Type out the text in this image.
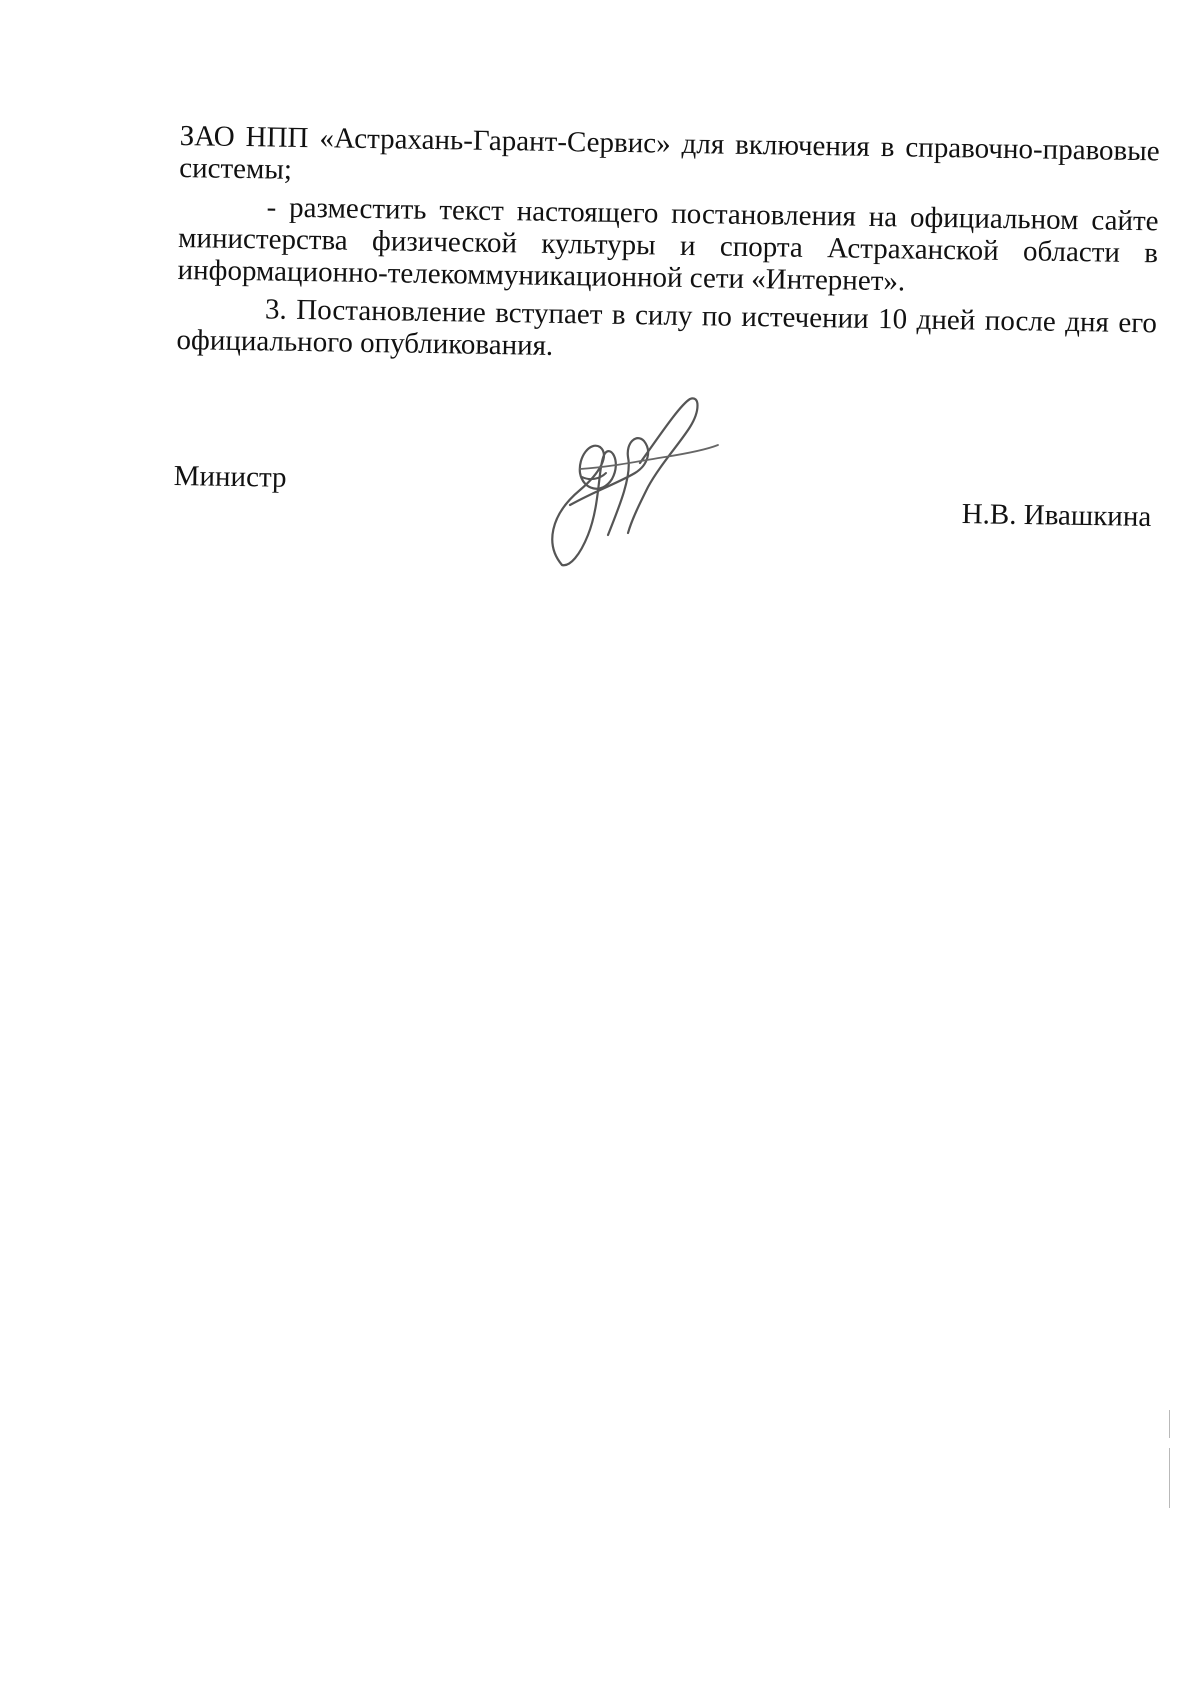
ЗАО НПП «Астрахань-Гарант-Сервис» для включения в справочно-правовые системы;

- разместить текст настоящего постановления на официальном сайте министерства физической культуры и спорта Астраханской области в информационно-телекоммуникационной сети «Интернет».

3. Постановление вступает в силу по истечении 10 дней после дня его официального опубликования.

Министр
Н.В. Ивашкина
